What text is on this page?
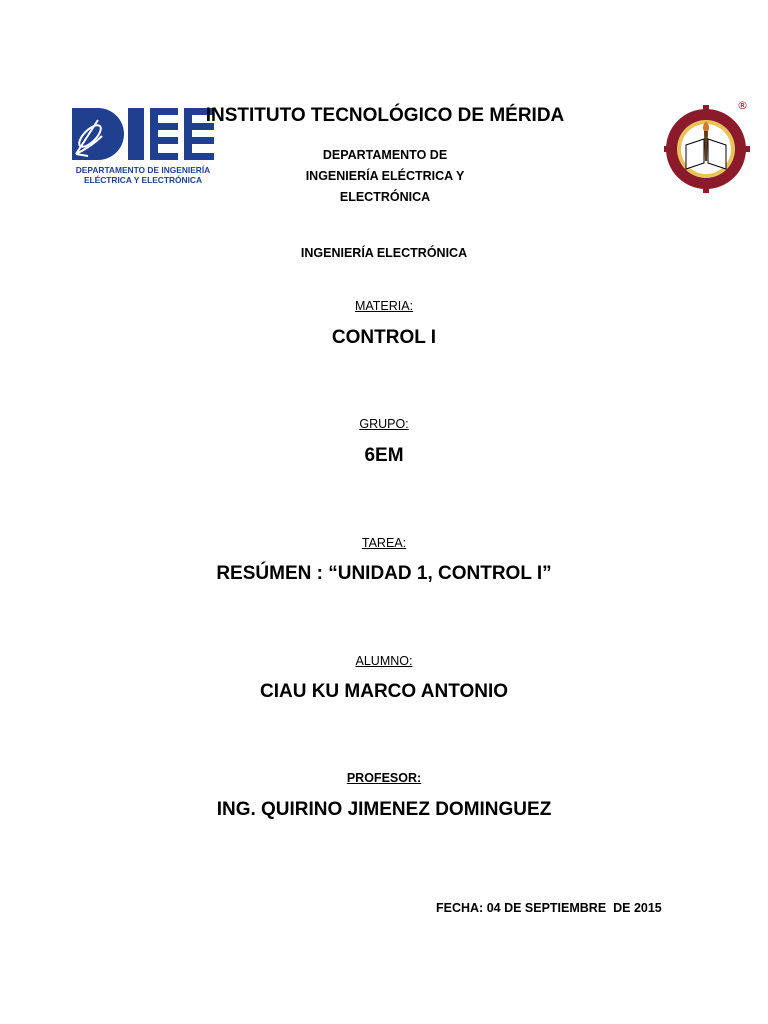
DEPARTAMENTO DE INGENIERÍA
ELÉCTRICA Y ELECTRÓNICA
®
INSTITUTO TECNOLÓGICO DE MÉRIDA
DEPARTAMENTO DE
INGENIERÍA ELÉCTRICA Y
ELECTRÓNICA
INGENIERÍA ELECTRÓNICA
MATERIA:
CONTROL I
GRUPO:
6EM
TAREA:
RESÚMEN : “UNIDAD 1, CONTROL I”
ALUMNO:
CIAU KU MARCO ANTONIO
PROFESOR:
ING. QUIRINO JIMENEZ DOMINGUEZ
FECHA: 04 DE SEPTIEMBRE  DE 2015
